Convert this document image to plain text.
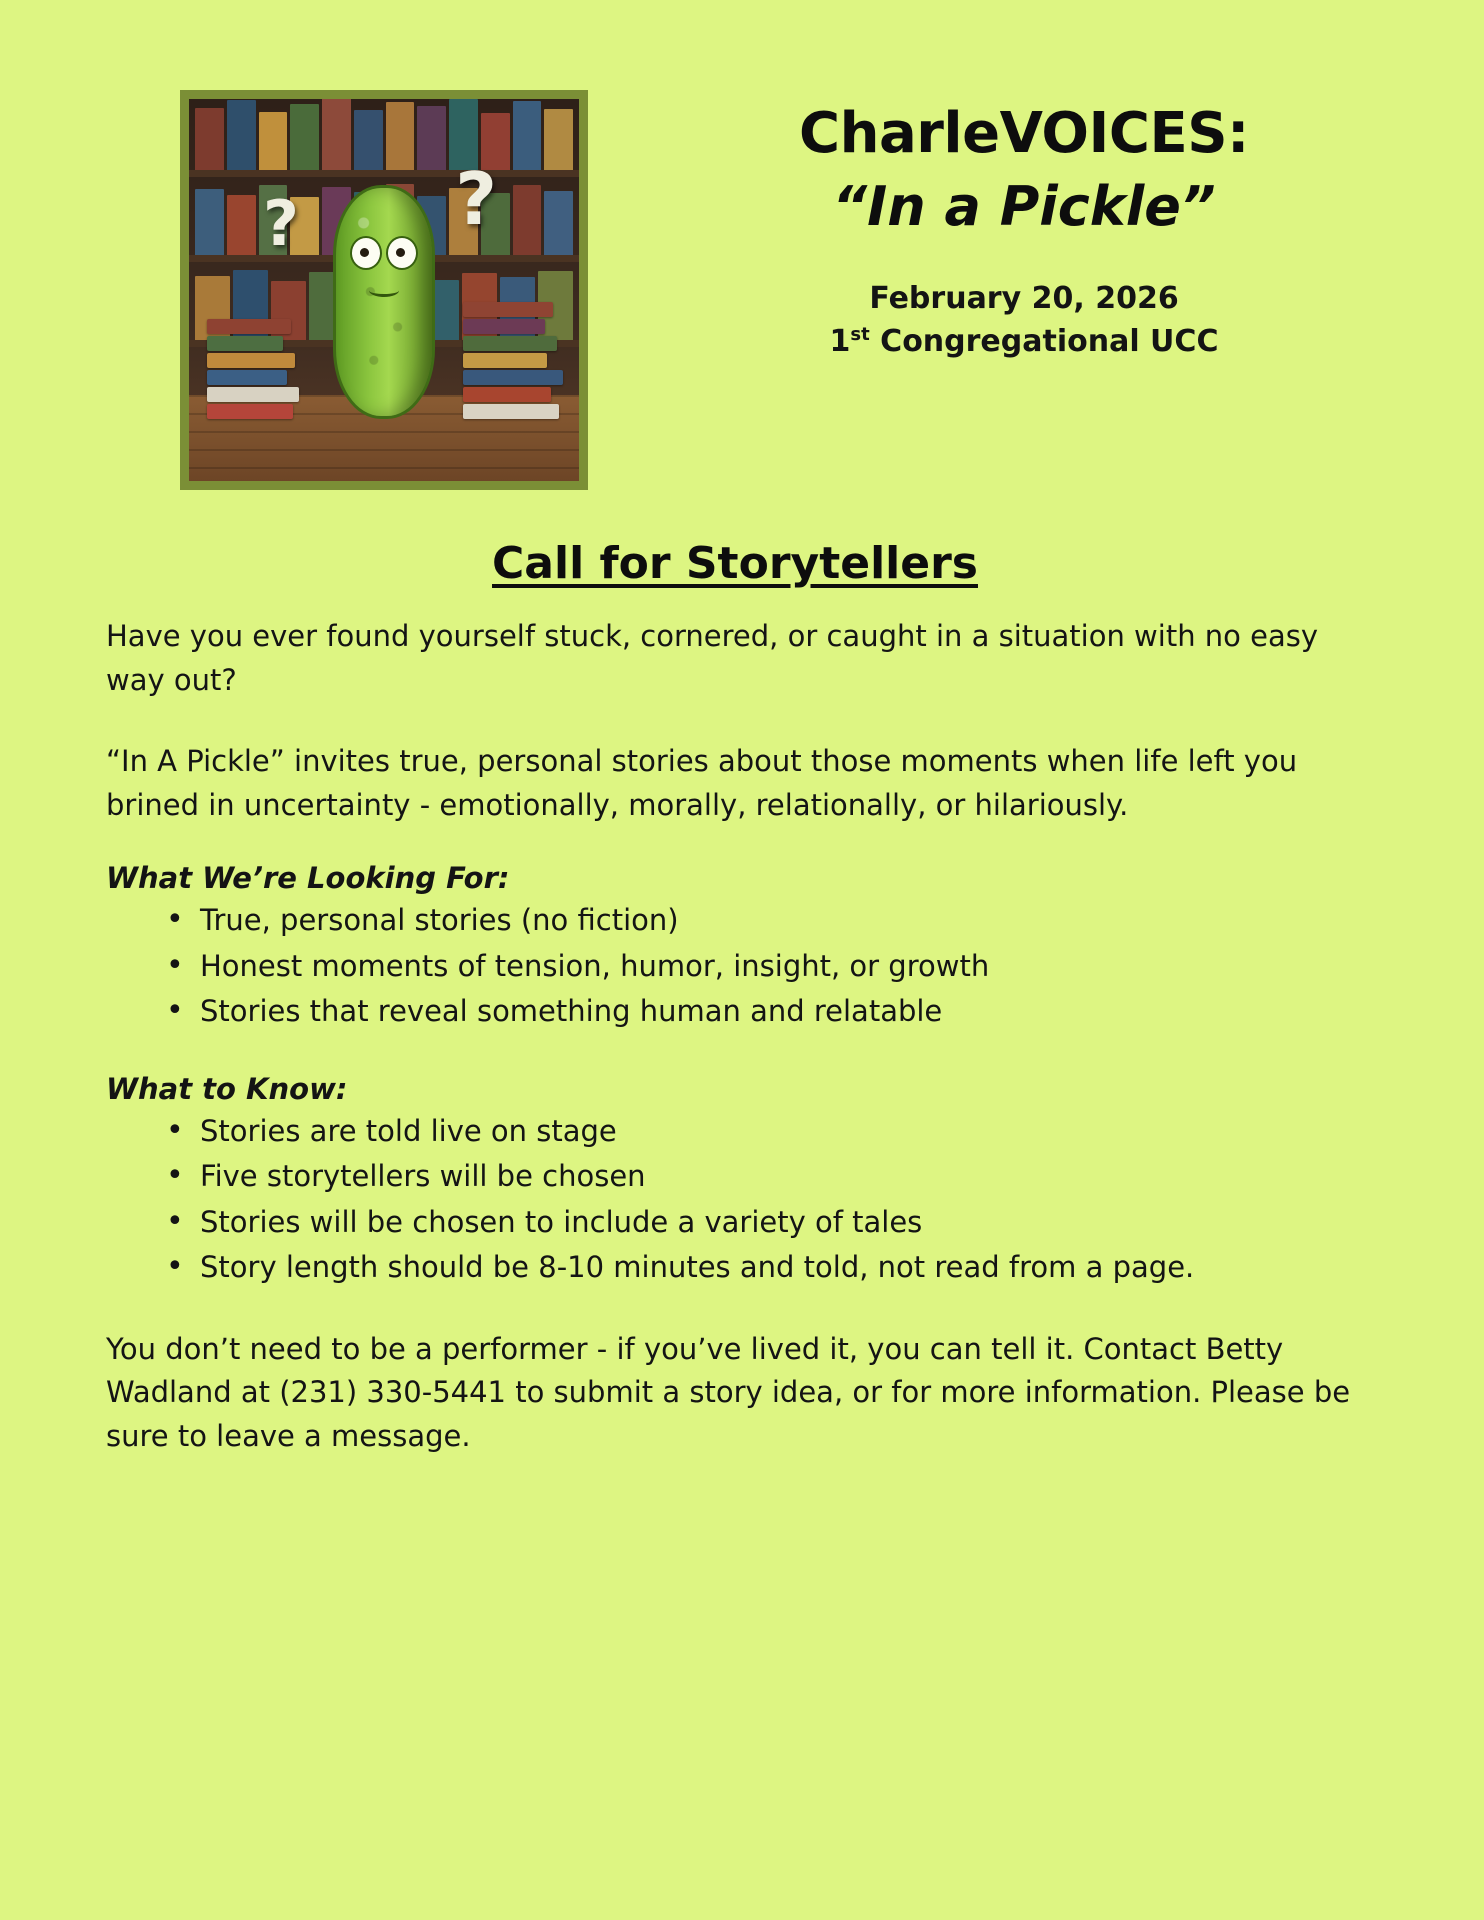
? ?
CharleVOICES:
“In a Pickle”
February 20, 2026
1st Congregational UCC
Call for Storytellers

Have you ever found yourself stuck, cornered, or caught in a situation with no easy way out?

“In A Pickle” invites true, personal stories about those moments when life left you brined in uncertainty - emotionally, morally, relationally, or hilariously.

What We’re Looking For:
• True, personal stories (no fiction)
• Honest moments of tension, humor, insight, or growth
• Stories that reveal something human and relatable
What to Know:
• Stories are told live on stage
• Five storytellers will be chosen
• Stories will be chosen to include a variety of tales
• Story length should be 8-10 minutes and told, not read from a page.

You don’t need to be a performer - if you’ve lived it, you can tell it. Contact Betty Wadland at (231) 330-5441 to submit a story idea, or for more information. Please be sure to leave a message.
